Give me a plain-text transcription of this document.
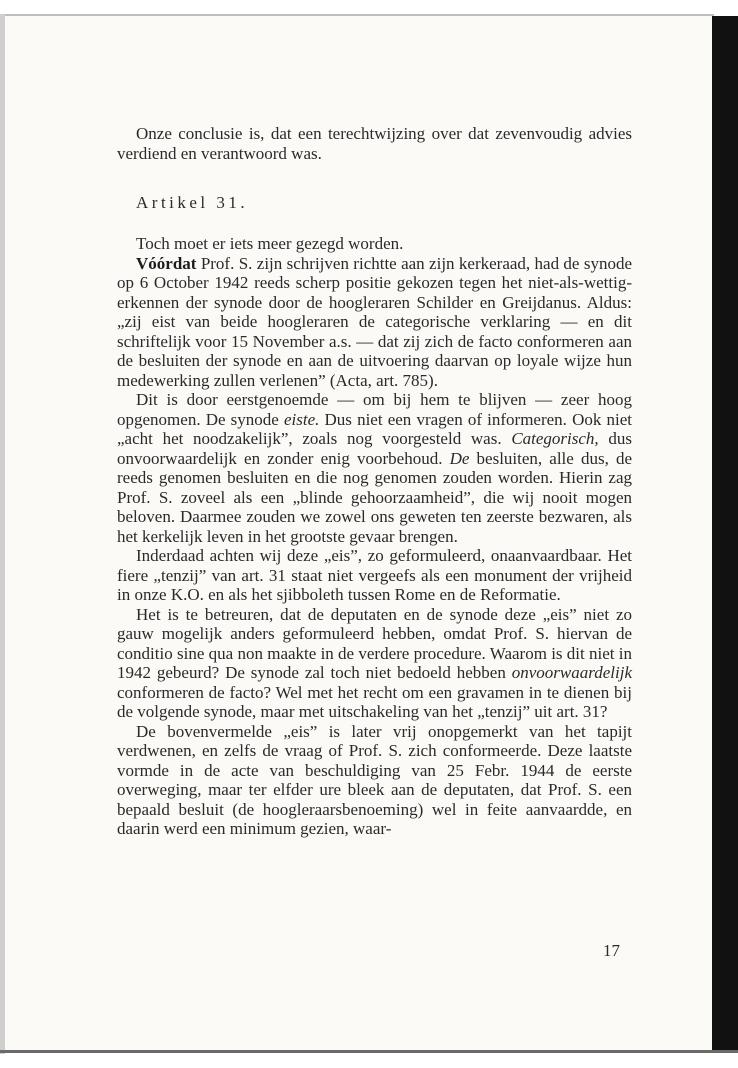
Onze conclusie is, dat een terechtwijzing over dat zevenvoudig advies verdiend en verantwoord was.

Artikel 31.

Toch moet er iets meer gezegd worden.

Vóórdat Prof. S. zijn schrijven richtte aan zijn kerkeraad, had de synode op 6 October 1942 reeds scherp positie gekozen tegen het niet-als-wettig-erkennen der synode door de hoogleraren Schilder en Greijdanus. Aldus: „zij eist van beide hoogleraren de categorische verklaring — en dit schriftelijk voor 15 November a.s. — dat zij zich de facto conformeren aan de besluiten der synode en aan de uitvoering daarvan op loyale wijze hun medewerking zullen verlenen” (Acta, art. 785).

Dit is door eerstgenoemde — om bij hem te blijven — zeer hoog opgenomen. De synode eiste. Dus niet een vragen of informeren. Ook niet „acht het noodzakelijk”, zoals nog voorgesteld was. Categorisch, dus onvoorwaardelijk en zonder enig voorbehoud. De besluiten, alle dus, de reeds genomen besluiten en die nog genomen zouden worden. Hierin zag Prof. S. zoveel als een „blinde gehoorzaamheid”, die wij nooit mogen beloven. Daarmee zouden we zowel ons geweten ten zeerste bezwaren, als het kerkelijk leven in het grootste gevaar brengen.

Inderdaad achten wij deze „eis”, zo geformuleerd, onaanvaardbaar. Het fiere „tenzij” van art. 31 staat niet vergeefs als een monument der vrijheid in onze K.O. en als het sjibboleth tussen Rome en de Reformatie.

Het is te betreuren, dat de deputaten en de synode deze „eis” niet zo gauw mogelijk anders geformuleerd hebben, omdat Prof. S. hiervan de conditio sine qua non maakte in de verdere procedure. Waarom is dit niet in 1942 gebeurd? De synode zal toch niet bedoeld hebben onvoorwaardelijk conformeren de facto? Wel met het recht om een gravamen in te dienen bij de volgende synode, maar met uitschakeling van het „tenzij” uit art. 31?

De bovenvermelde „eis” is later vrij onopgemerkt van het tapijt verdwenen, en zelfs de vraag of Prof. S. zich conformeerde. Deze laatste vormde in de acte van beschuldiging van 25 Febr. 1944 de eerste overweging, maar ter elfder ure bleek aan de deputaten, dat Prof. S. een bepaald besluit (de hoogleraarsbenoeming) wel in feite aanvaardde, en daarin werd een minimum gezien, waar-

17
